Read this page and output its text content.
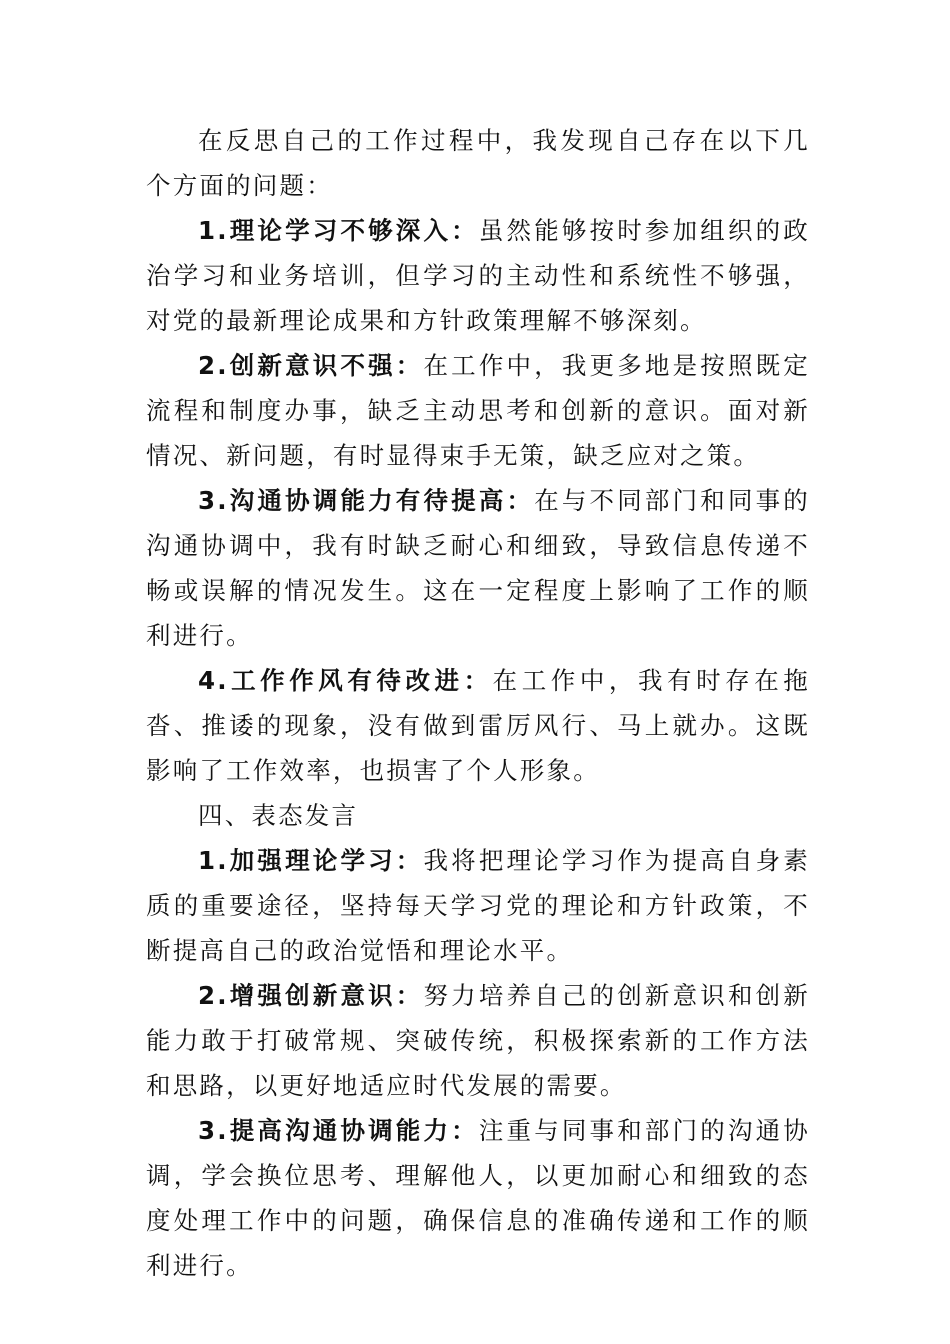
在反思自己的工作过程中，我发现自己存在以下几个方面的问题：

1.理论学习不够深入：虽然能够按时参加组织的政治学习和业务培训，但学习的主动性和系统性不够强，对党的最新理论成果和方针政策理解不够深刻。

2.创新意识不强：在工作中，我更多地是按照既定流程和制度办事，缺乏主动思考和创新的意识。面对新情况、新问题，有时显得束手无策，缺乏应对之策。

3.沟通协调能力有待提高：在与不同部门和同事的沟通协调中，我有时缺乏耐心和细致，导致信息传递不畅或误解的情况发生。这在一定程度上影响了工作的顺利进行。

4.工作作风有待改进：在工作中，我有时存在拖沓、推诿的现象，没有做到雷厉风行、马上就办。这既影响了工作效率，也损害了个人形象。

四、表态发言

1.加强理论学习：我将把理论学习作为提高自身素质的重要途径，坚持每天学习党的理论和方针政策，不断提高自己的政治觉悟和理论水平。

2.增强创新意识：努力培养自己的创新意识和创新能力敢于打破常规、突破传统，积极探索新的工作方法和思路，以更好地适应时代发展的需要。

3.提高沟通协调能力：注重与同事和部门的沟通协调，学会换位思考、理解他人，以更加耐心和细致的态度处理工作中的问题，确保信息的准确传递和工作的顺利进行。
